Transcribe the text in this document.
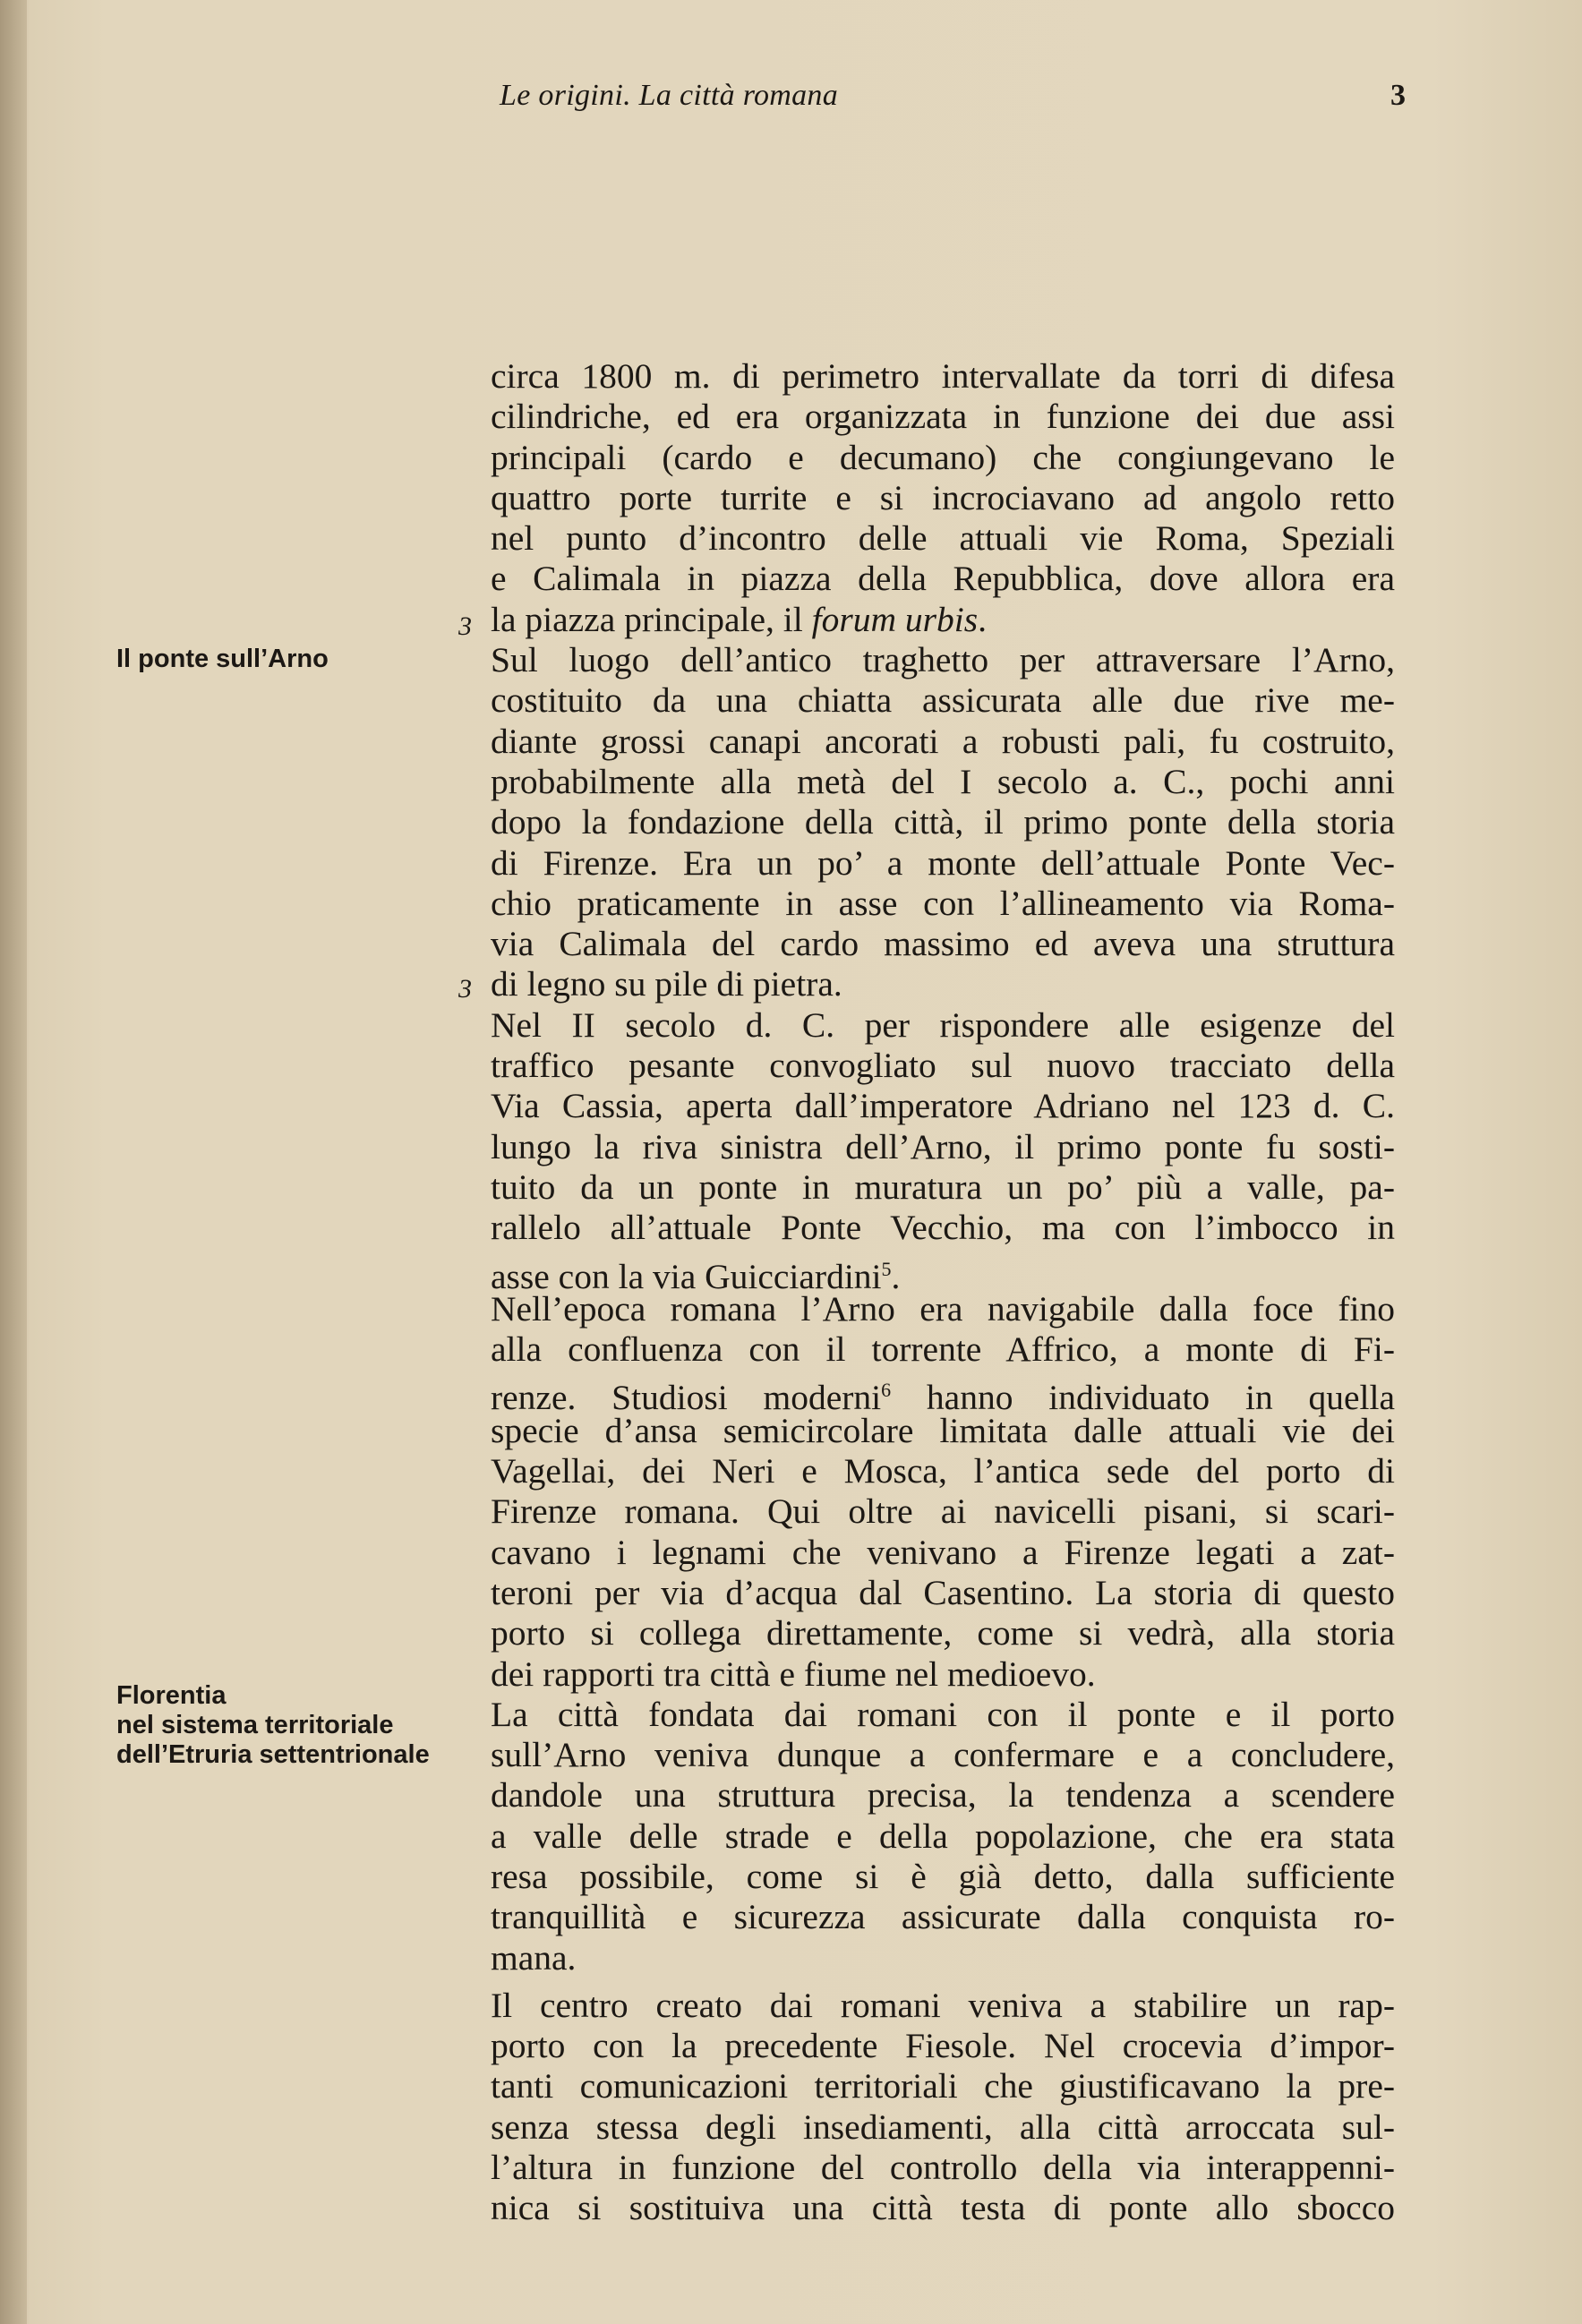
Le origini. La città romana	3
3
Il ponte sull’Arno
3
Florentia
nel sistema territoriale
dell’Etruria settentrionale
circa 1800 m. di perimetro intervallate da torri di difesa
cilindriche, ed era organizzata in funzione dei due assi
principali (cardo e decumano) che congiungevano le
quattro porte turrite e si incrociavano ad angolo retto
nel punto d’incontro delle attuali vie Roma, Speziali
e Calimala in piazza della Repubblica, dove allora era
la piazza principale, il forum urbis.
Sul luogo dell’antico traghetto per attraversare l’Arno,
costituito da una chiatta assicurata alle due rive me-
diante grossi canapi ancorati a robusti pali, fu costruito,
probabilmente alla metà del I secolo a. C., pochi anni
dopo la fondazione della città, il primo ponte della storia
di Firenze. Era un po’ a monte dell’attuale Ponte Vec-
chio praticamente in asse con l’allineamento via Roma-
via Calimala del cardo massimo ed aveva una struttura
di legno su pile di pietra.
Nel II secolo d. C. per rispondere alle esigenze del
traffico pesante convogliato sul nuovo tracciato della
Via Cassia, aperta dall’imperatore Adriano nel 123 d. C.
lungo la riva sinistra dell’Arno, il primo ponte fu sosti-
tuito da un ponte in muratura un po’ più a valle, pa-
rallelo all’attuale Ponte Vecchio, ma con l’imbocco in
asse con la via Guicciardini$^5$.
Nell’epoca romana l’Arno era navigabile dalla foce fino
alla confluenza con il torrente Affrico, a monte di Fi-
renze. Studiosi moderni$^6$ hanno individuato in quella
specie d’ansa semicircolare limitata dalle attuali vie dei
Vagellai, dei Neri e Mosca, l’antica sede del porto di
Firenze romana. Qui oltre ai navicelli pisani, si scari-
cavano i legnami che venivano a Firenze legati a zat-
teroni per via d’acqua dal Casentino. La storia di questo
porto si collega direttamente, come si vedrà, alla storia
dei rapporti tra città e fiume nel medioevo.
La città fondata dai romani con il ponte e il porto
sull’Arno veniva dunque a confermare e a concludere,
dandole una struttura precisa, la tendenza a scendere
a valle delle strade e della popolazione, che era stata
resa possibile, come si è già detto, dalla sufficiente
tranquillità e sicurezza assicurate dalla conquista ro-
mana.
Il centro creato dai romani veniva a stabilire un rap-
porto con la precedente Fiesole. Nel crocevia d’impor-
tanti comunicazioni territoriali che giustificavano la pre-
senza stessa degli insediamenti, alla città arroccata sul-
l’altura in funzione del controllo della via interappenni-
nica si sostituiva una città testa di ponte allo sbocco
